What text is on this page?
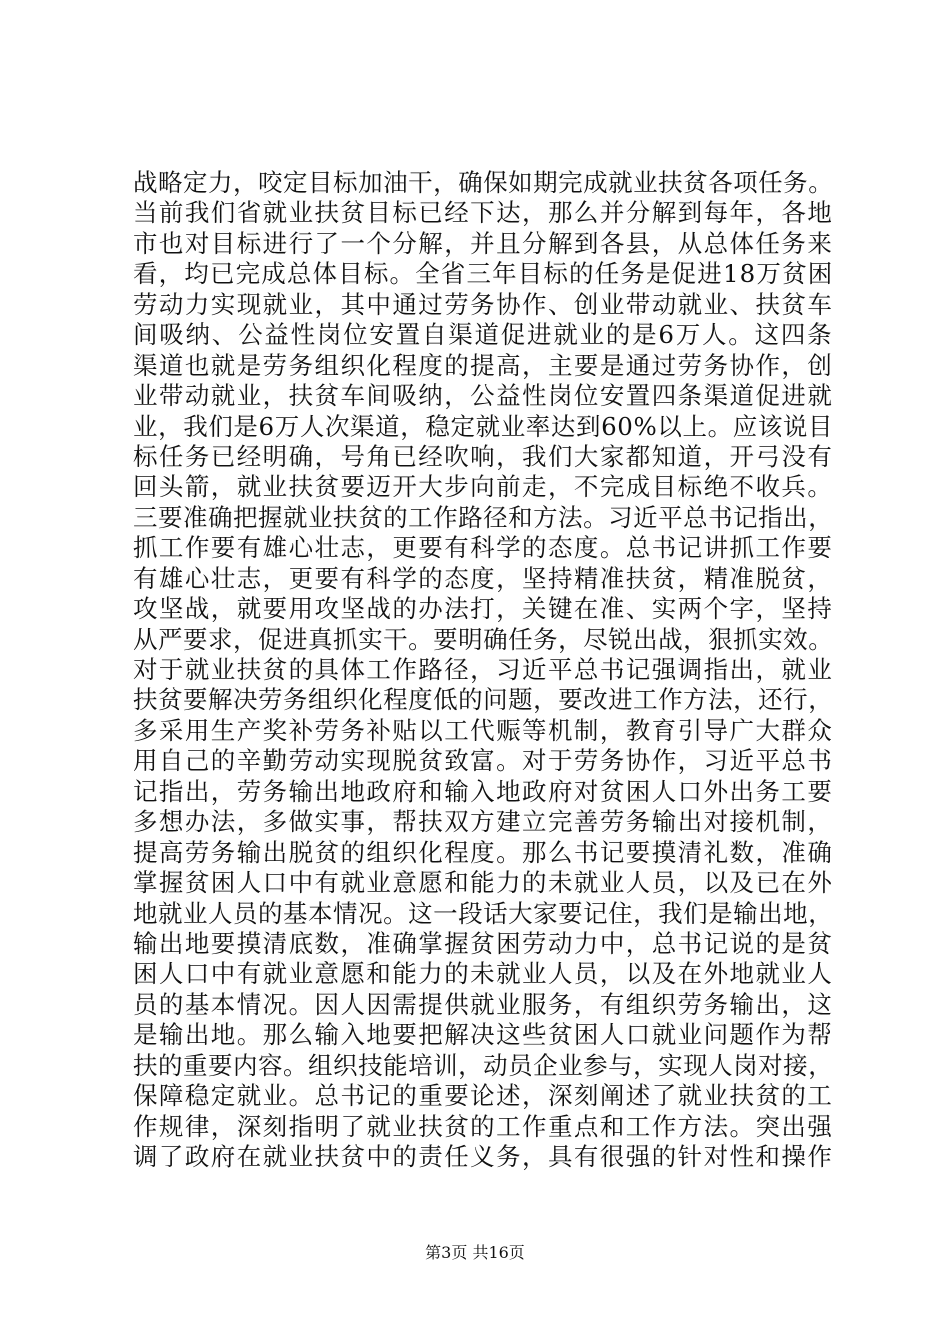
战略定力，咬定目标加油干，确保如期完成就业扶贫各项任务。
当前我们省就业扶贫目标已经下达，那么并分解到每年，各地
市也对目标进行了一个分解，并且分解到各县，从总体任务来
看，均已完成总体目标。全省三年目标的任务是促进18万贫困
劳动力实现就业，其中通过劳务协作、创业带动就业、扶贫车
间吸纳、公益性岗位安置自渠道促进就业的是6万人。这四条
渠道也就是劳务组织化程度的提高，主要是通过劳务协作，创
业带动就业，扶贫车间吸纳，公益性岗位安置四条渠道促进就
业，我们是6万人次渠道，稳定就业率达到60%以上。应该说目
标任务已经明确，号角已经吹响，我们大家都知道，开弓没有
回头箭，就业扶贫要迈开大步向前走，不完成目标绝不收兵。
三要准确把握就业扶贫的工作路径和方法。习近平总书记指出，
抓工作要有雄心壮志，更要有科学的态度。总书记讲抓工作要
有雄心壮志，更要有科学的态度，坚持精准扶贫，精准脱贫，
攻坚战，就要用攻坚战的办法打，关键在准、实两个字，坚持
从严要求，促进真抓实干。要明确任务，尽锐出战，狠抓实效。
对于就业扶贫的具体工作路径，习近平总书记强调指出，就业
扶贫要解决劳务组织化程度低的问题，要改进工作方法，还行，
多采用生产奖补劳务补贴以工代赈等机制，教育引导广大群众
用自己的辛勤劳动实现脱贫致富。对于劳务协作，习近平总书
记指出，劳务输出地政府和输入地政府对贫困人口外出务工要
多想办法，多做实事，帮扶双方建立完善劳务输出对接机制，
提高劳务输出脱贫的组织化程度。那么书记要摸清礼数，准确
掌握贫困人口中有就业意愿和能力的未就业人员，以及已在外
地就业人员的基本情况。这一段话大家要记住，我们是输出地，
输出地要摸清底数，准确掌握贫困劳动力中，总书记说的是贫
困人口中有就业意愿和能力的未就业人员，以及在外地就业人
员的基本情况。因人因需提供就业服务，有组织劳务输出，这
是输出地。那么输入地要把解决这些贫困人口就业问题作为帮
扶的重要内容。组织技能培训，动员企业参与，实现人岗对接，
保障稳定就业。总书记的重要论述，深刻阐述了就业扶贫的工
作规律，深刻指明了就业扶贫的工作重点和工作方法。突出强
调了政府在就业扶贫中的责任义务，具有很强的针对性和操作
第3页 共16页
